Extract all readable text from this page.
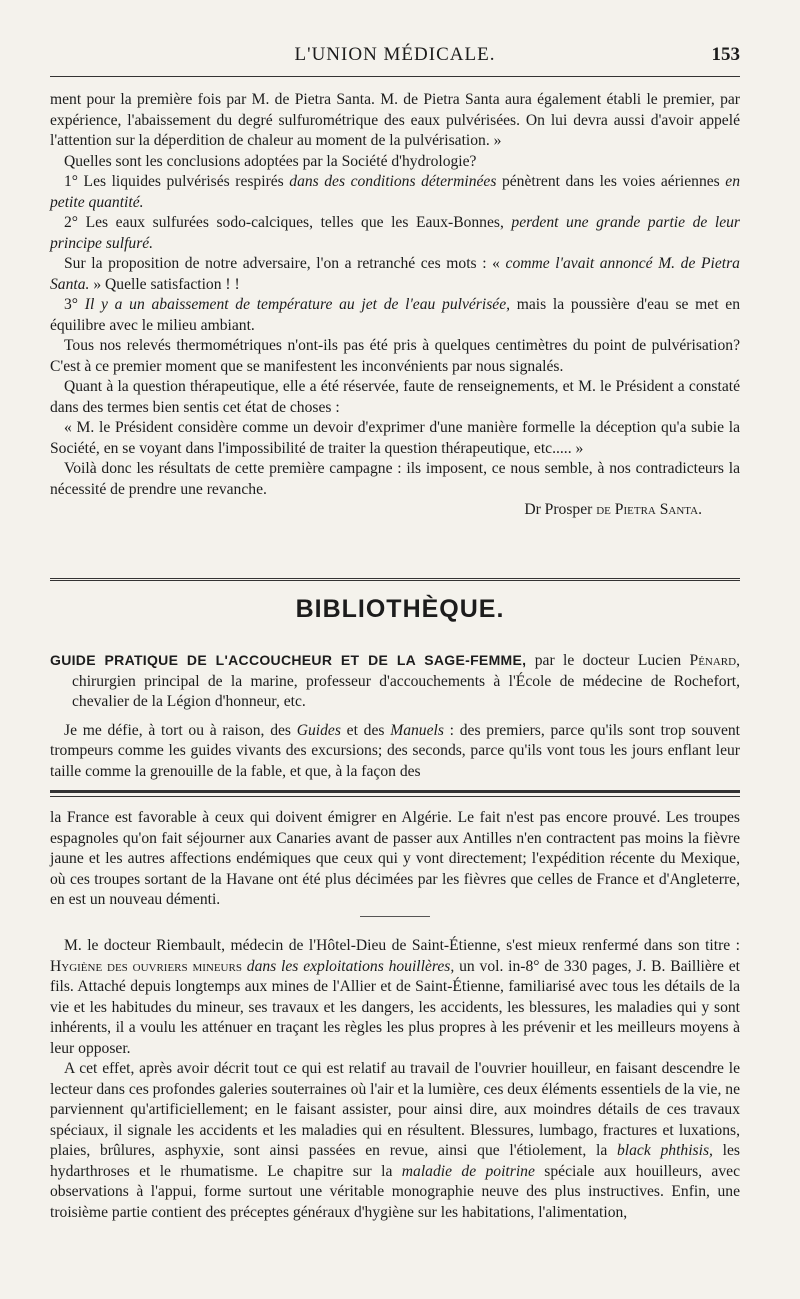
L'UNION MÉDICALE.	153

ment pour la première fois par M. de Pietra Santa. M. de Pietra Santa aura également établi le premier, par expérience, l'abaissement du degré sulfurométrique des eaux pulvérisées. On lui devra aussi d'avoir appelé l'attention sur la déperdition de chaleur au moment de la pulvérisation. »

Quelles sont les conclusions adoptées par la Société d'hydrologie?

1° Les liquides pulvérisés respirés dans des conditions déterminées pénètrent dans les voies aériennes en petite quantité.

2° Les eaux sulfurées sodo-calciques, telles que les Eaux-Bonnes, perdent une grande partie de leur principe sulfuré.

Sur la proposition de notre adversaire, l'on a retranché ces mots : « comme l'avait annoncé M. de Pietra Santa. » Quelle satisfaction ! !

3° Il y a un abaissement de température au jet de l'eau pulvérisée, mais la poussière d'eau se met en équilibre avec le milieu ambiant.

Tous nos relevés thermométriques n'ont-ils pas été pris à quelques centimètres du point de pulvérisation? C'est à ce premier moment que se manifestent les inconvénients par nous signalés.

Quant à la question thérapeutique, elle a été réservée, faute de renseignements, et M. le Président a constaté dans des termes bien sentis cet état de choses :

« M. le Président considère comme un devoir d'exprimer d'une manière formelle la déception qu'a subie la Société, en se voyant dans l'impossibilité de traiter la question thérapeutique, etc..... »

Voilà donc les résultats de cette première campagne : ils imposent, ce nous semble, à nos contradicteurs la nécessité de prendre une revanche.

Dr Prosper de Pietra Santa.

BIBLIOTHÈQUE.

GUIDE PRATIQUE DE L'ACCOUCHEUR ET DE LA SAGE-FEMME, par le docteur Lucien Pénard, chirurgien principal de la marine, professeur d'accouchements à l'École de médecine de Rochefort, chevalier de la Légion d'honneur, etc.

Je me défie, à tort ou à raison, des Guides et des Manuels : des premiers, parce qu'ils sont trop souvent trompeurs comme les guides vivants des excursions; des seconds, parce qu'ils vont tous les jours enflant leur taille comme la grenouille de la fable, et que, à la façon des

la France est favorable à ceux qui doivent émigrer en Algérie. Le fait n'est pas encore prouvé. Les troupes espagnoles qu'on fait séjourner aux Canaries avant de passer aux Antilles n'en contractent pas moins la fièvre jaune et les autres affections endémiques que ceux qui y vont directement; l'expédition récente du Mexique, où ces troupes sortant de la Havane ont été plus décimées par les fièvres que celles de France et d'Angleterre, en est un nouveau démenti.

M. le docteur Riembault, médecin de l'Hôtel-Dieu de Saint-Étienne, s'est mieux renfermé dans son titre : Hygiène des ouvriers mineurs dans les exploitations houillères, un vol. in-8° de 330 pages, J. B. Baillière et fils. Attaché depuis longtemps aux mines de l'Allier et de Saint-Étienne, familiarisé avec tous les détails de la vie et les habitudes du mineur, ses travaux et les dangers, les accidents, les blessures, les maladies qui y sont inhérents, il a voulu les atténuer en traçant les règles les plus propres à les prévenir et les meilleurs moyens à leur opposer.

A cet effet, après avoir décrit tout ce qui est relatif au travail de l'ouvrier houilleur, en faisant descendre le lecteur dans ces profondes galeries souterraines où l'air et la lumière, ces deux éléments essentiels de la vie, ne parviennent qu'artificiellement; en le faisant assister, pour ainsi dire, aux moindres détails de ces travaux spéciaux, il signale les accidents et les maladies qui en résultent. Blessures, lumbago, fractures et luxations, plaies, brûlures, asphyxie, sont ainsi passées en revue, ainsi que l'étiolement, la black phthisis, les hydarthroses et le rhumatisme. Le chapitre sur la maladie de poitrine spéciale aux houilleurs, avec observations à l'appui, forme surtout une véritable monographie neuve des plus instructives. Enfin, une troisième partie contient des préceptes généraux d'hygiène sur les habitations, l'alimentation,
